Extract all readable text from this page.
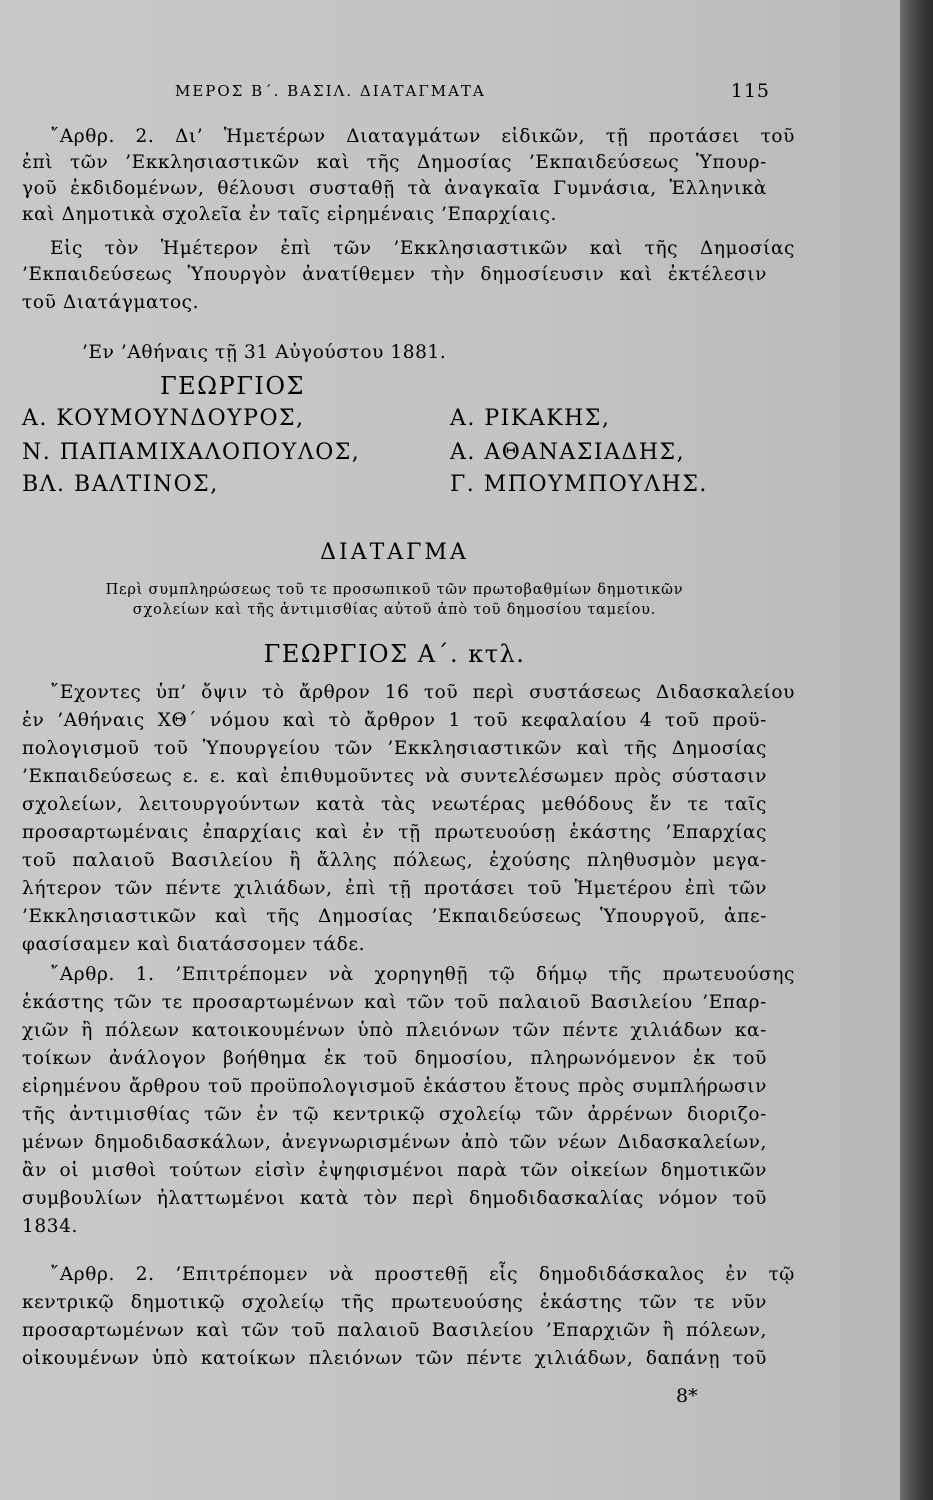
ΜΕΡΟΣ Β΄. ΒΑΣΙΛ. ΔΙΑΤΑΓΜΑΤΑ	115
῎Αρθρ. 2. Δι’ Ἡμετέρων Διαταγμάτων εἰδικῶν, τῇ προτάσει τοῦ
ἐπὶ τῶν ’Εκκλησιαστικῶν καὶ τῆς Δημοσίας ’Εκπαιδεύσεως Ὑπουρ-
γοῦ ἐκδιδομένων, θέλουσι συσταθῇ τὰ ἀναγκαῖα Γυμνάσια, Ἑλληνικὰ
καὶ Δημοτικὰ σχολεῖα ἐν ταῖς εἰρημέναις ’Επαρχίαις.
Εἰς τὸν Ἡμέτερον ἐπὶ τῶν ’Εκκλησιαστικῶν καὶ τῆς Δημοσίας
’Εκπαιδεύσεως Ὑπουργὸν ἀνατίθεμεν τὴν δημοσίευσιν καὶ ἐκτέλεσιν
τοῦ Διατάγματος.
’Εν ’Αθήναις τῇ 31 Αὐγούστου 1881.
ΓΕΩΡΓΙΟΣ
Α. ΚΟΥΜΟΥΝΔΟΥΡΟΣ,
Ν. ΠΑΠΑΜΙΧΑΛΟΠΟΥΛΟΣ,
ΒΛ. ΒΑΛΤΙΝΟΣ,
Α. ΡΙΚΑΚΗΣ,
Α. ΑΘΑΝΑΣΙΑΔΗΣ,
Γ. ΜΠΟΥΜΠΟΥΛΗΣ.
ΔΙΑΤΑΓΜΑ
Περὶ συμπληρώσεως τοῦ τε προσωπικοῦ τῶν πρωτοβαθμίων δημοτικῶν
σχολείων καὶ τῆς ἀντιμισθίας αὐτοῦ ἀπὸ τοῦ δημοσίου ταμείου.
ΓΕΩΡΓΙΟΣ Α΄. κτλ.
῎Εχοντες ὑπ’ ὄψιν τὸ ἄρθρον 16 τοῦ περὶ συστάσεως Διδασκαλείου
ἐν ’Αθήναις ΧΘ΄ νόμου καὶ τὸ ἄρθρον 1 τοῦ κεφαλαίου 4 τοῦ προϋ-
πολογισμοῦ τοῦ Ὑπουργείου τῶν ’Εκκλησιαστικῶν καὶ τῆς Δημοσίας
’Εκπαιδεύσεως ε. ε. καὶ ἐπιθυμοῦντες νὰ συντελέσωμεν πρὸς σύστασιν
σχολείων, λειτουργούντων κατὰ τὰς νεωτέρας μεθόδους ἔν τε ταῖς
προσαρτωμέναις ἐπαρχίαις καὶ ἐν τῇ πρωτευούσῃ ἑκάστης ’Επαρχίας
τοῦ παλαιοῦ Βασιλείου ἢ ἄλλης πόλεως, ἐχούσης πληθυσμὸν μεγα-
λήτερον τῶν πέντε χιλιάδων, ἐπὶ τῇ προτάσει τοῦ Ἡμετέρου ἐπὶ τῶν
’Εκκλησιαστικῶν καὶ τῆς Δημοσίας ’Εκπαιδεύσεως Ὑπουργοῦ, ἀπε-
φασίσαμεν καὶ διατάσσομεν τάδε.
῎Αρθρ. 1. ’Επιτρέπομεν νὰ χορηγηθῇ τῷ δήμῳ τῆς πρωτευούσης
ἑκάστης τῶν τε προσαρτωμένων καὶ τῶν τοῦ παλαιοῦ Βασιλείου ’Επαρ-
χιῶν ἢ πόλεων κατοικουμένων ὑπὸ πλειόνων τῶν πέντε χιλιάδων κα-
τοίκων ἀνάλογον βοήθημα ἐκ τοῦ δημοσίου, πληρωνόμενον ἐκ τοῦ
εἰρημένου ἄρθρου τοῦ προϋπολογισμοῦ ἑκάστου ἔτους πρὸς συμπλήρωσιν
τῆς ἀντιμισθίας τῶν ἐν τῷ κεντρικῷ σχολείῳ τῶν ἀρρένων διοριζο-
μένων δημοδιδασκάλων, ἀνεγνωρισμένων ἀπὸ τῶν νέων Διδασκαλείων,
ἂν οἱ μισθοὶ τούτων εἰσὶν ἐψηφισμένοι παρὰ τῶν οἰκείων δημοτικῶν
συμβουλίων ἠλαττωμένοι κατὰ τὸν περὶ δημοδιδασκαλίας νόμον τοῦ
1834.
῎Αρθρ. 2. ’Επιτρέπομεν νὰ προστεθῇ εἷς δημοδιδάσκαλος ἐν τῷ
κεντρικῷ δημοτικῷ σχολείῳ τῆς πρωτευούσης ἑκάστης τῶν τε νῦν
προσαρτωμένων καὶ τῶν τοῦ παλαιοῦ Βασιλείου ’Επαρχιῶν ἢ πόλεων,
οἰκουμένων ὑπὸ κατοίκων πλειόνων τῶν πέντε χιλιάδων, δαπάνῃ τοῦ
8*
